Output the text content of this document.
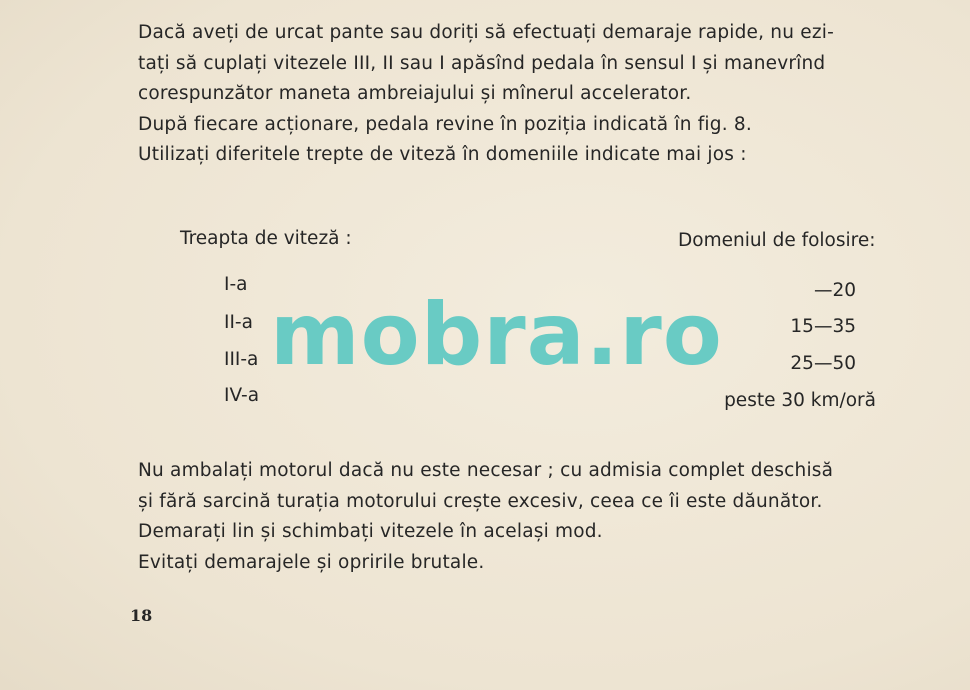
Dacă aveți de urcat pante sau doriți să efectuați demaraje rapide, nu ezi-
tați să cuplați vitezele III, II sau I apăsînd pedala în sensul I și manevrînd
corespunzător maneta ambreiajului și mînerul accelerator.
După fiecare acționare, pedala revine în poziția indicată în fig. 8.
Utilizați diferitele trepte de viteză în domeniile indicate mai jos :
Treapta de viteză :	Domeniul de folosire:
I-a	—20
II-a	15—35
III-a	25—50
IV-a	peste 30 km/oră
Nu ambalați motorul dacă nu este necesar ; cu admisia complet deschisă
și fără sarcină turația motorului crește excesiv, ceea ce îi este dăunător.
Demarați lin și schimbați vitezele în același mod.
Evitați demarajele și opririle brutale.
18
mobra.ro
